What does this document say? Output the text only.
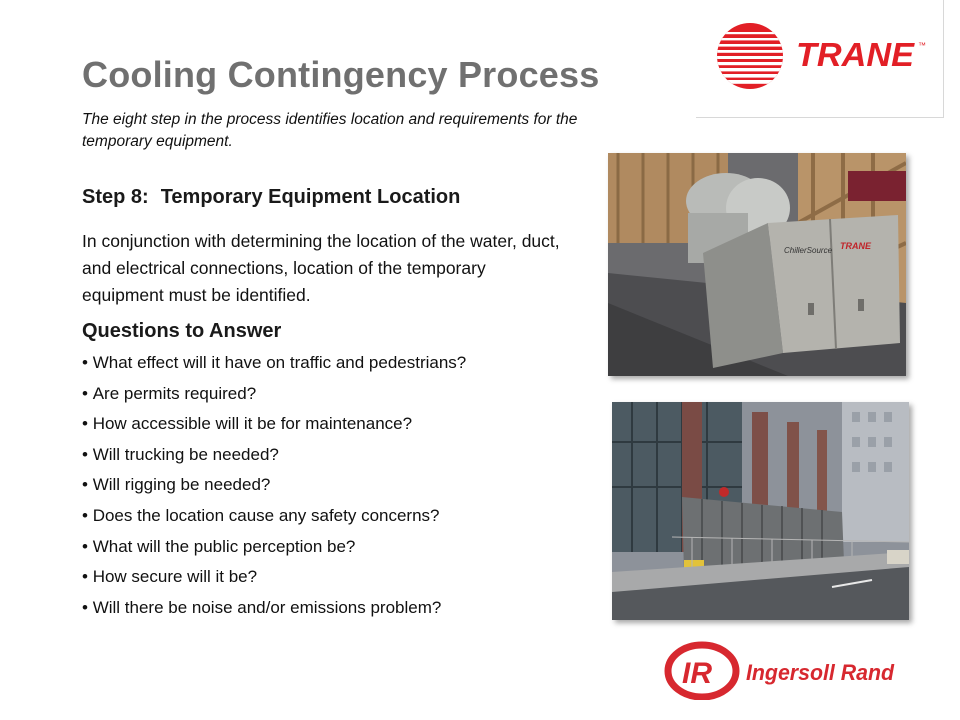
TRANE ™
Cooling Contingency Process
The eight step in the process identifies location and requirements for the temporary equipment.
Step 8: Temporary Equipment Location
In conjunction with determining the location of the water, duct, and electrical connections, location of the temporary equipment must be identified.
Questions to Answer
• What effect will it have on traffic and pedestrians?
• Are permits required?
• How accessible will it be for maintenance?
• Will trucking be needed?
• Will rigging be needed?
• Does the location cause any safety concerns?
• What will the public perception be?
• How secure will it be?
• Will there be noise and/or emissions problem?
ChillerSource TRANE
IR Ingersoll Rand
